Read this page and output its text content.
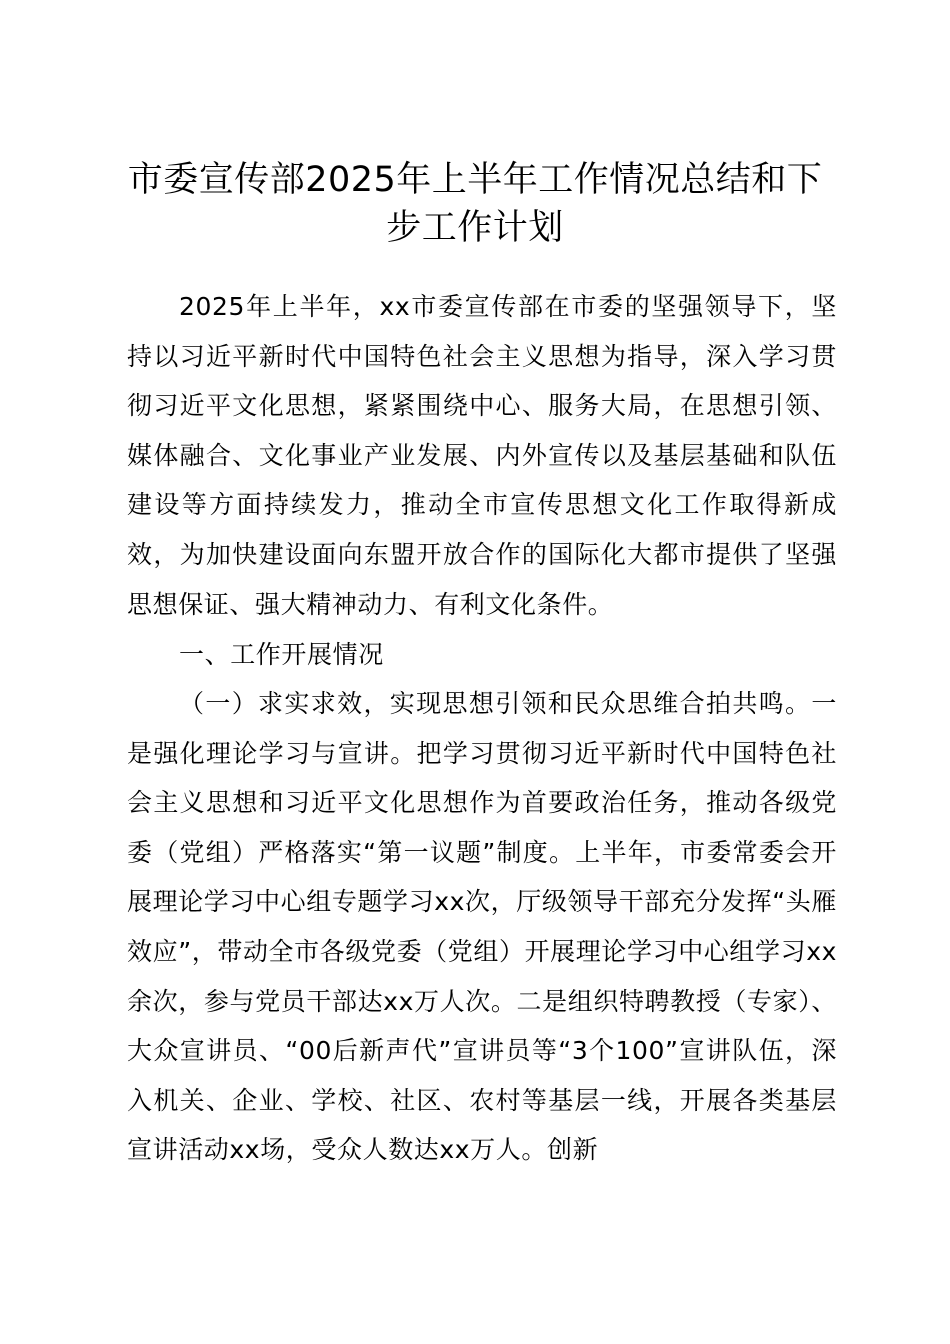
市委宣传部2025年上半年工作情况总结和下步工作计划

2025年上半年，xx市委宣传部在市委的坚强领导下，坚持以习近平新时代中国特色社会主义思想为指导，深入学习贯彻习近平文化思想，紧紧围绕中心、服务大局，在思想引领、媒体融合、文化事业产业发展、内外宣传以及基层基础和队伍建设等方面持续发力，推动全市宣传思想文化工作取得新成效，为加快建设面向东盟开放合作的国际化大都市提供了坚强思想保证、强大精神动力、有利文化条件。

一、工作开展情况

（一）求实求效，实现思想引领和民众思维合拍共鸣。一是强化理论学习与宣讲。把学习贯彻习近平新时代中国特色社会主义思想和习近平文化思想作为首要政治任务，推动各级党委（党组）严格落实“第一议题”制度。上半年，市委常委会开展理论学习中心组专题学习xx次，厅级领导干部充分发挥“头雁效应”，带动全市各级党委（党组）开展理论学习中心组学习xx余次，参与党员干部达xx万人次。二是组织特聘教授（专家）、大众宣讲员、“00后新声代”宣讲员等“3个100”宣讲队伍，深入机关、企业、学校、社区、农村等基层一线，开展各类基层宣讲活动xx场，受众人数达xx万人。创新
